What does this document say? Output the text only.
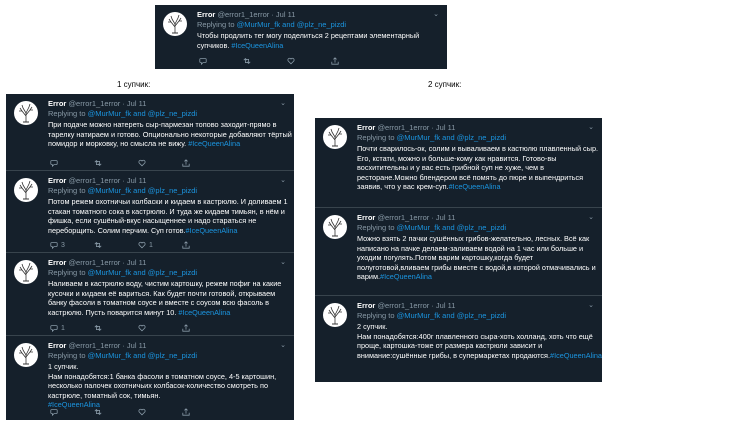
1 супчик:	2 супчик:
Error @error1_1error · Jul 11	⌄
Replying to @MurMur_fk and @plz_ne_pizdi
Чтобы продлить тег могу поделиться 2 рецептами элементарный
супчиков. #IceQueenAlina
Error @error1_1error · Jul 11	⌄
Replying to @MurMur_fk and @plz_ne_pizdi
При подаче можно натереть сыр-пармезан топово заходит-прямо в
тарелку натираем и готово. Опционально некоторые добавляют тёртый
помидор и морковку, но смысла не вижу. #IceQueenAlina
Error @error1_1error · Jul 11	⌄
Replying to @MurMur_fk and @plz_ne_pizdi
Потом режем охотничьи колбаски и кидаем в кастрюлю. И доливаем 1
стакан томатного сока в кастрюлю. И туда же кидаем тимьян, в нём и
фишка, если сушёный-вкус насыщеннее и надо стараться не
переборщить. Солим перчим. Суп готов.#IceQueenAlina
3	1
Error @error1_1error · Jul 11	⌄
Replying to @MurMur_fk and @plz_ne_pizdi
Наливаем в кастрюлю воду, чистим картошку, режем пофиг на какие
кусочки и кидаем её вариться. Как будет почти готовой, открываем
банку фасоли в томатном соусе и вместе с соусом всю фасоль в
кастрюлю. Пусть поварится минут 10. #IceQueenAlina
1
Error @error1_1error · Jul 11	⌄
Replying to @MurMur_fk and @plz_ne_pizdi
1 супчик.
Нам понадобятся:1 банка фасоли в томатном соусе, 4-5 картошин,
несколько палочек охотничьих колбасок-количество смотреть по
кастрюле, томатный сок, тимьян.
#IceQueenAlina
Error @error1_1error · Jul 11	⌄
Replying to @MurMur_fk and @plz_ne_pizdi
Почти сварилось-ок, солим и вываливаем в кастюлю плавленный сыр.
Его, кстати, можно и больше-кому как нравится. Готово-вы
восхитительны и у вас есть грибной суп не хуже, чем в
ресторане.Можно блендером всё помять до пюре и выпендриться
заявив, что у вас крем-суп.#IceQueenAlina
Error @error1_1error · Jul 11	⌄
Replying to @MurMur_fk and @plz_ne_pizdi
Можно взять 2 пачки сушённых грибов-желательно, лесных. Всё как
написано на пачке делаем-заливаем водой на 1 час или больше и
уходим погулять.Потом варим картошку,когда будет
полуготовой,вливаем грибы вместе с водой,в которой отмачивались и
варим.#IceQueenAlina
Error @error1_1error · Jul 11	⌄
Replying to @MurMur_fk and @plz_ne_pizdi
2 супчик.
Нам понадобятся:400г плавленного сыра-хоть холланд, хоть что ещё
проще, картошка-тоже от размера кастрюли зависит и
внимание:сушённые грибы, в супермаркетах продаются.#IceQueenAlina
